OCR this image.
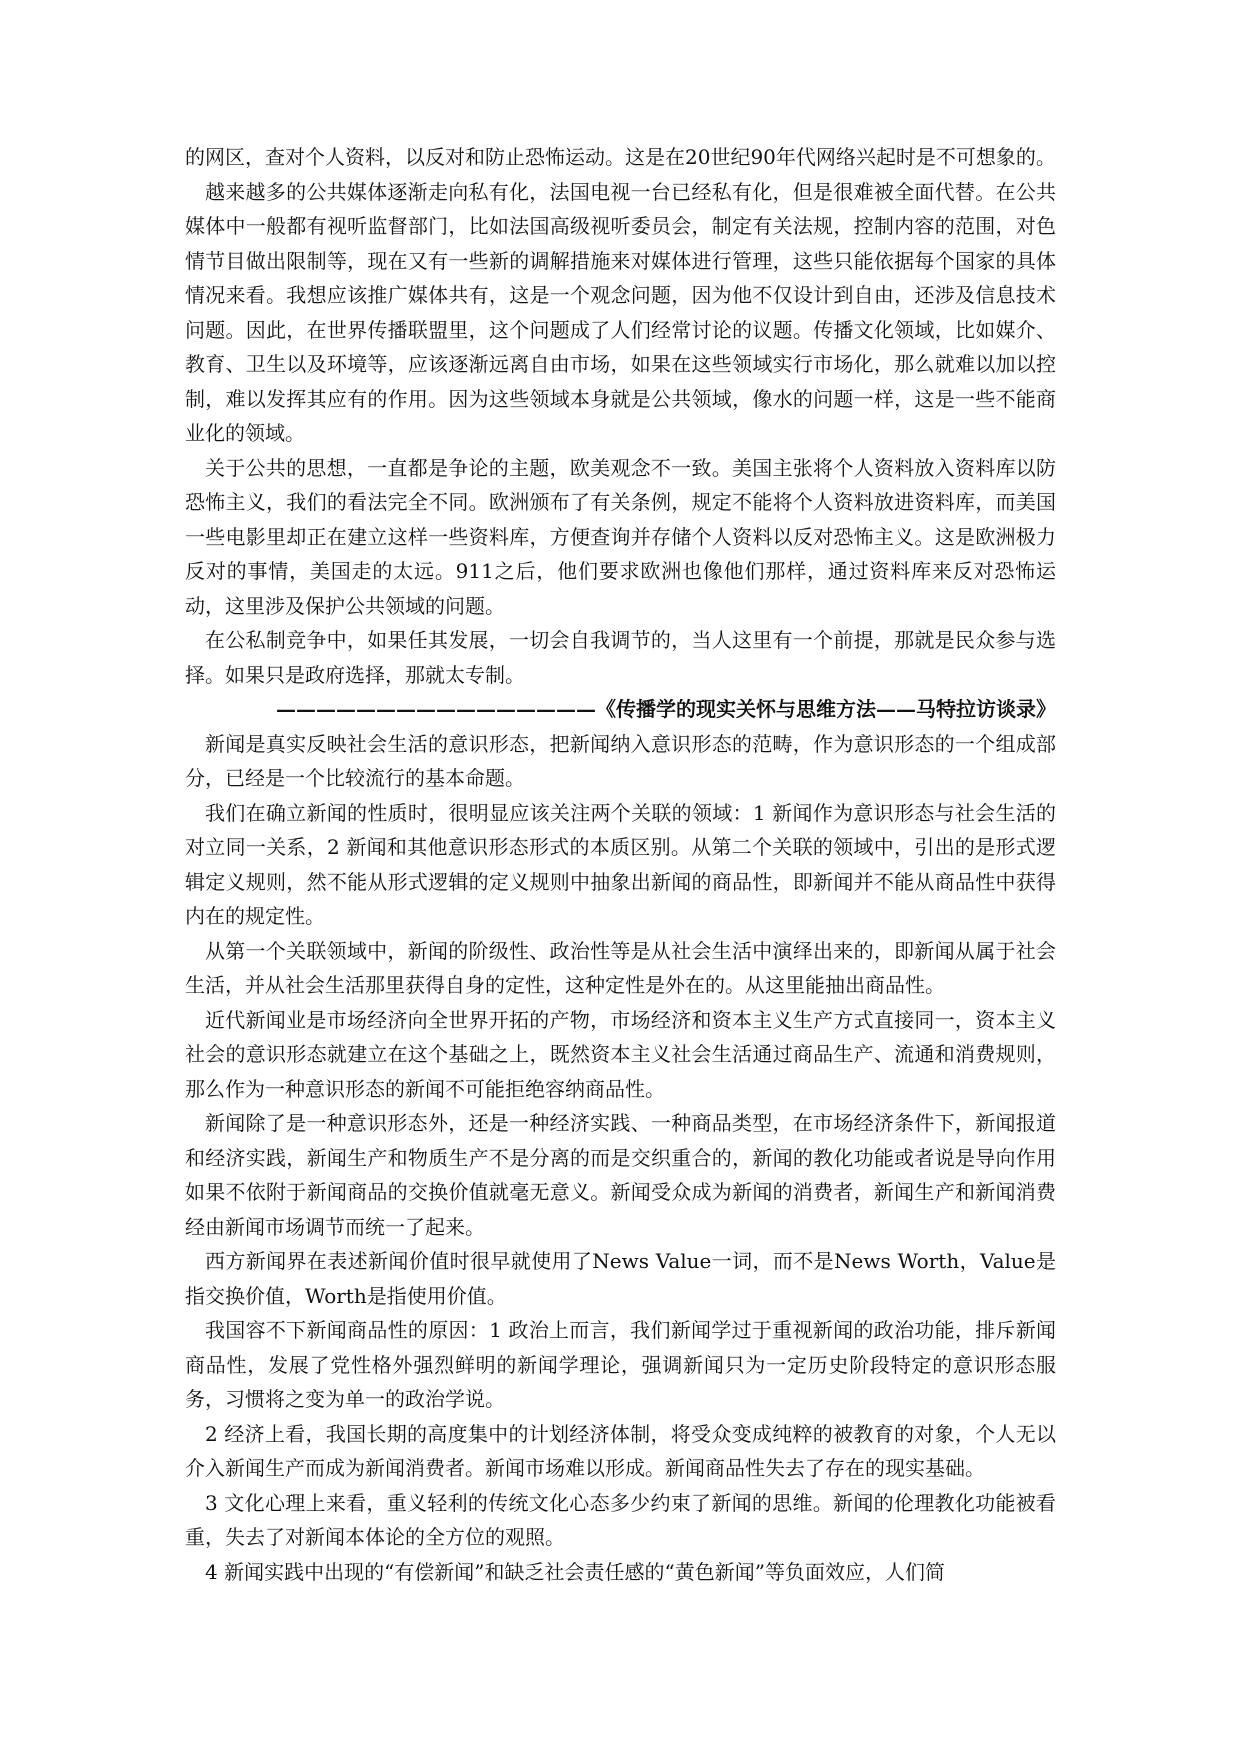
的网区，查对个人资料，以反对和防止恐怖运动。这是在20世纪90年代网络兴起时是不可想象的。

越来越多的公共媒体逐渐走向私有化，法国电视一台已经私有化，但是很难被全面代替。在公共媒体中一般都有视听监督部门，比如法国高级视听委员会，制定有关法规，控制内容的范围，对色情节目做出限制等，现在又有一些新的调解措施来对媒体进行管理，这些只能依据每个国家的具体情况来看。我想应该推广媒体共有，这是一个观念问题，因为他不仅设计到自由，还涉及信息技术问题。因此，在世界传播联盟里，这个问题成了人们经常讨论的议题。传播文化领域，比如媒介、教育、卫生以及环境等，应该逐渐远离自由市场，如果在这些领域实行市场化，那么就难以加以控制，难以发挥其应有的作用。因为这些领域本身就是公共领域，像水的问题一样，这是一些不能商业化的领域。

关于公共的思想，一直都是争论的主题，欧美观念不一致。美国主张将个人资料放入资料库以防恐怖主义，我们的看法完全不同。欧洲颁布了有关条例，规定不能将个人资料放进资料库，而美国一些电影里却正在建立这样一些资料库，方便查询并存储个人资料以反对恐怖主义。这是欧洲极力反对的事情，美国走的太远。911之后，他们要求欧洲也像他们那样，通过资料库来反对恐怖运动，这里涉及保护公共领域的问题。

在公私制竞争中，如果任其发展，一切会自我调节的，当人这里有一个前提，那就是民众参与选择。如果只是政府选择，那就太专制。

————————————————《传播学的现实关怀与思维方法——马特拉访谈录》

新闻是真实反映社会生活的意识形态，把新闻纳入意识形态的范畴，作为意识形态的一个组成部分，已经是一个比较流行的基本命题。

我们在确立新闻的性质时，很明显应该关注两个关联的领域：1 新闻作为意识形态与社会生活的对立同一关系，2 新闻和其他意识形态形式的本质区别。从第二个关联的领域中，引出的是形式逻辑定义规则，然不能从形式逻辑的定义规则中抽象出新闻的商品性，即新闻并不能从商品性中获得内在的规定性。

从第一个关联领域中，新闻的阶级性、政治性等是从社会生活中演绎出来的，即新闻从属于社会生活，并从社会生活那里获得自身的定性，这种定性是外在的。从这里能抽出商品性。

近代新闻业是市场经济向全世界开拓的产物，市场经济和资本主义生产方式直接同一，资本主义社会的意识形态就建立在这个基础之上，既然资本主义社会生活通过商品生产、流通和消费规则，那么作为一种意识形态的新闻不可能拒绝容纳商品性。

新闻除了是一种意识形态外，还是一种经济实践、一种商品类型，在市场经济条件下，新闻报道和经济实践，新闻生产和物质生产不是分离的而是交织重合的，新闻的教化功能或者说是导向作用如果不依附于新闻商品的交换价值就毫无意义。新闻受众成为新闻的消费者，新闻生产和新闻消费经由新闻市场调节而统一了起来。

西方新闻界在表述新闻价值时很早就使用了News Value一词，而不是News Worth，Value是指交换价值，Worth是指使用价值。

我国容不下新闻商品性的原因：1 政治上而言，我们新闻学过于重视新闻的政治功能，排斥新闻商品性，发展了党性格外强烈鲜明的新闻学理论，强调新闻只为一定历史阶段特定的意识形态服务，习惯将之变为单一的政治学说。

2 经济上看，我国长期的高度集中的计划经济体制，将受众变成纯粹的被教育的对象，个人无以介入新闻生产而成为新闻消费者。新闻市场难以形成。新闻商品性失去了存在的现实基础。

3 文化心理上来看，重义轻利的传统文化心态多少约束了新闻的思维。新闻的伦理教化功能被看重，失去了对新闻本体论的全方位的观照。

4 新闻实践中出现的“有偿新闻”和缺乏社会责任感的“黄色新闻”等负面效应，人们简
